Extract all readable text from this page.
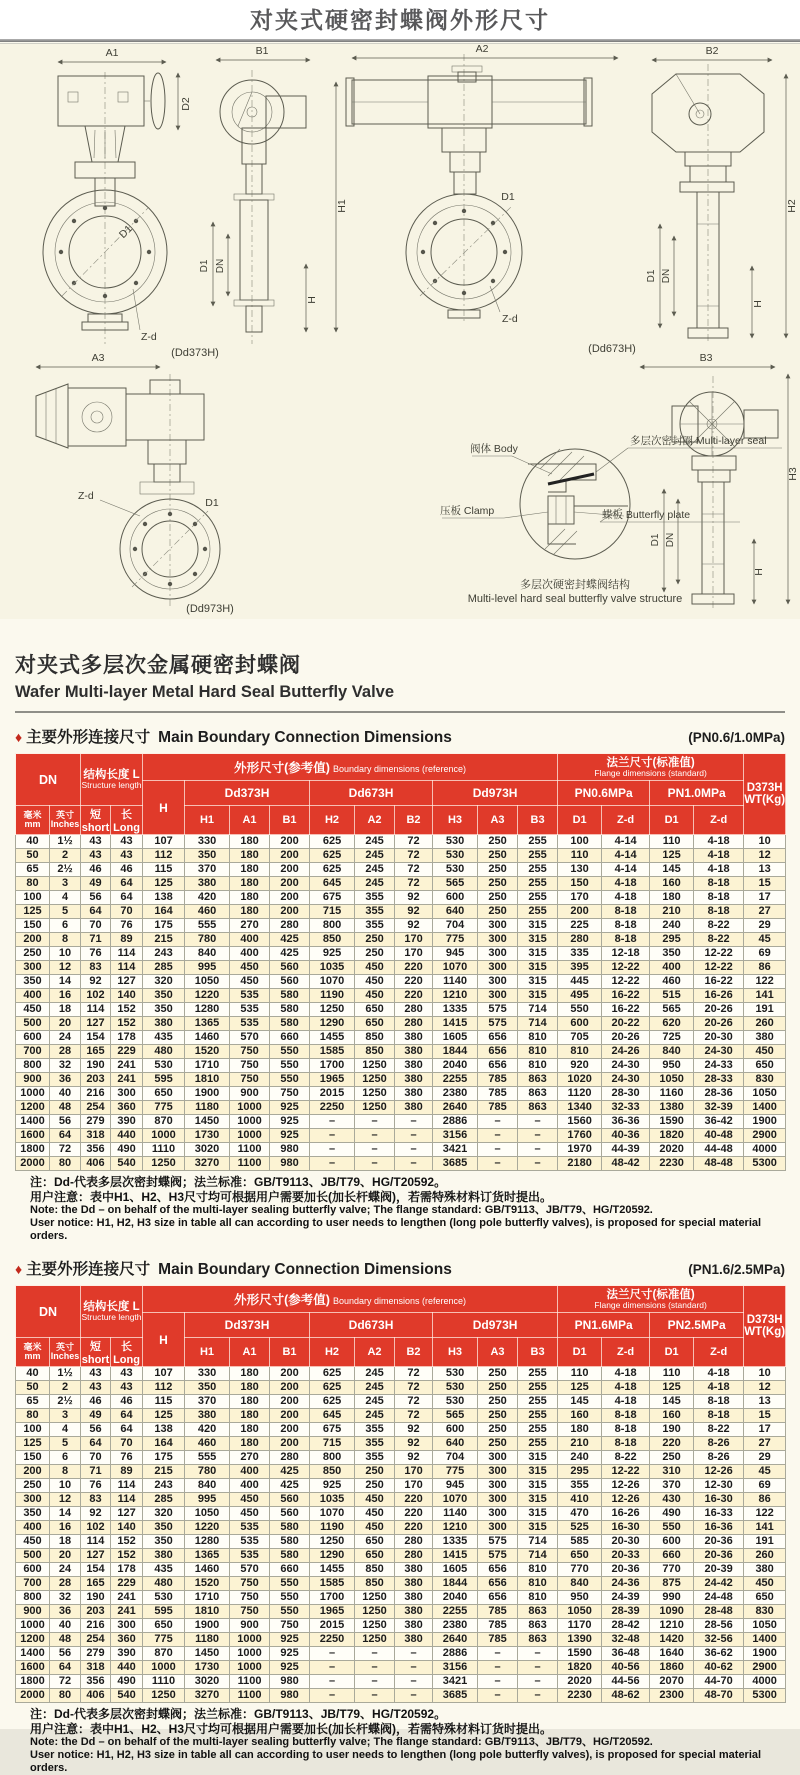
对夹式硬密封蝶阀外形尺寸
A1
D2
D1
Z-d
B1
H1
D1 DN
H
(Dd373H)
A2
D1
Z-d
B2
H2
D1 DN
H
(Dd673H)
A3
D1
Z-d
(Dd973H)
B3
H3
D1 DN
H
阀体 Body
多层次密封圈 Multi-layer seal
压板 Clamp	蝶板 Butterfly plate
多层次硬密封蝶阀结构
Multi-level hard seal butterfly valve structure
对夹式多层次金属硬密封蝶阀
Wafer Multi-layer Metal Hard Seal Butterfly Valve
♦ 主要外形连接尺寸 Main Boundary Connection Dimensions	(PN0.6/1.0MPa)
DN		结构长度 L
Structure length		外形尺寸(参考值) Boundary dimensions (reference)										法兰尺寸(标准值)
Flange dimensions (standard)				D373H
WT(Kg)

				H	Dd373H			Dd673H			Dd973H			PN0.6MPa		PN1.0MPa		

毫米
mm	英寸
Inches	短 short	长 Long		H1	A1	B1	H2	A2	B2	H3	A3	B3	D1	Z-d	D1	Z-d	
40	1½	43	43	107	330	180	200	625	245	72	530	250	255	100	4-14	110	4-18	10
50	2	43	43	112	350	180	200	625	245	72	530	250	255	110	4-14	125	4-18	12
65	2½	46	46	115	370	180	200	625	245	72	530	250	255	130	4-14	145	4-18	13
80	3	49	64	125	380	180	200	645	245	72	565	250	255	150	4-18	160	8-18	15
100	4	56	64	138	420	180	200	675	355	92	600	250	255	170	4-18	180	8-18	17
125	5	64	70	164	460	180	200	715	355	92	640	250	255	200	8-18	210	8-18	27
150	6	70	76	175	555	270	280	800	355	92	704	300	315	225	8-18	240	8-22	29
200	8	71	89	215	780	400	425	850	250	170	775	300	315	280	8-18	295	8-22	45
250	10	76	114	243	840	400	425	925	250	170	945	300	315	335	12-18	350	12-22	69
300	12	83	114	285	995	450	560	1035	450	220	1070	300	315	395	12-22	400	12-22	86
350	14	92	127	320	1050	450	560	1070	450	220	1140	300	315	445	12-22	460	16-22	122
400	16	102	140	350	1220	535	580	1190	450	220	1210	300	315	495	16-22	515	16-26	141
450	18	114	152	350	1280	535	580	1250	650	280	1335	575	714	550	16-22	565	20-26	191
500	20	127	152	380	1365	535	580	1290	650	280	1415	575	714	600	20-22	620	20-26	260
600	24	154	178	435	1460	570	660	1455	850	380	1605	656	810	705	20-26	725	20-30	380
700	28	165	229	480	1520	750	550	1585	850	380	1844	656	810	810	24-26	840	24-30	450
800	32	190	241	530	1710	750	550	1700	1250	380	2040	656	810	920	24-30	950	24-33	650
900	36	203	241	595	1810	750	550	1965	1250	380	2255	785	863	1020	24-30	1050	28-33	830
1000	40	216	300	650	1900	900	750	2015	1250	380	2380	785	863	1120	28-30	1160	28-36	1050
1200	48	254	360	775	1180	1000	925	2250	1250	380	2640	785	863	1340	32-33	1380	32-39	1400
1400	56	279	390	870	1450	1000	925	–	–	–	2886	–	–	1560	36-36	1590	36-42	1900
1600	64	318	440	1000	1730	1000	925	–	–	–	3156	–	–	1760	40-36	1820	40-48	2900
1800	72	356	490	1110	3020	1100	980	–	–	–	3421	–	–	1970	44-39	2020	44-48	4000
2000	80	406	540	1250	3270	1100	980	–	–	–	3685	–	–	2180	48-42	2230	48-48	5300
注：Dd-代表多层次密封蝶阀；法兰标准：GB/T9113、JB/T79、HG/T20592。
用户注意：表中H1、H2、H3尺寸均可根据用户需要加长(加长杆蝶阀)，若需特殊材料订货时提出。
Note: the Dd – on behalf of the multi-layer sealing butterfly valve; The flange standard: GB/T9113、JB/T79、HG/T20592.
User notice: H1, H2, H3 size in table all can according to user needs to lengthen (long pole butterfly valves), is proposed for special material orders.
♦ 主要外形连接尺寸 Main Boundary Connection Dimensions	(PN1.6/2.5MPa)
DN		结构长度 L
Structure length		外形尺寸(参考值) Boundary dimensions (reference)										法兰尺寸(标准值)
Flange dimensions (standard)				D373H
WT(Kg)

				H	Dd373H			Dd673H			Dd973H			PN1.6MPa		PN2.5MPa		

毫米
mm	英寸
Inches	短 short	长 Long		H1	A1	B1	H2	A2	B2	H3	A3	B3	D1	Z-d	D1	Z-d	
40	1½	43	43	107	330	180	200	625	245	72	530	250	255	110	4-18	110	4-18	10
50	2	43	43	112	350	180	200	625	245	72	530	250	255	125	4-18	125	4-18	12
65	2½	46	46	115	370	180	200	625	245	72	530	250	255	145	4-18	145	8-18	13
80	3	49	64	125	380	180	200	645	245	72	565	250	255	160	8-18	160	8-18	15
100	4	56	64	138	420	180	200	675	355	92	600	250	255	180	8-18	190	8-22	17
125	5	64	70	164	460	180	200	715	355	92	640	250	255	210	8-18	220	8-26	27
150	6	70	76	175	555	270	280	800	355	92	704	300	315	240	8-22	250	8-26	29
200	8	71	89	215	780	400	425	850	250	170	775	300	315	295	12-22	310	12-26	45
250	10	76	114	243	840	400	425	925	250	170	945	300	315	355	12-26	370	12-30	69
300	12	83	114	285	995	450	560	1035	450	220	1070	300	315	410	12-26	430	16-30	86
350	14	92	127	320	1050	450	560	1070	450	220	1140	300	315	470	16-26	490	16-33	122
400	16	102	140	350	1220	535	580	1190	450	220	1210	300	315	525	16-30	550	16-36	141
450	18	114	152	350	1280	535	580	1250	650	280	1335	575	714	585	20-30	600	20-36	191
500	20	127	152	380	1365	535	580	1290	650	280	1415	575	714	650	20-33	660	20-36	260
600	24	154	178	435	1460	570	660	1455	850	380	1605	656	810	770	20-36	770	20-39	380
700	28	165	229	480	1520	750	550	1585	850	380	1844	656	810	840	24-36	875	24-42	450
800	32	190	241	530	1710	750	550	1700	1250	380	2040	656	810	950	24-39	990	24-48	650
900	36	203	241	595	1810	750	550	1965	1250	380	2255	785	863	1050	28-39	1090	28-48	830
1000	40	216	300	650	1900	900	750	2015	1250	380	2380	785	863	1170	28-42	1210	28-56	1050
1200	48	254	360	775	1180	1000	925	2250	1250	380	2640	785	863	1390	32-48	1420	32-56	1400
1400	56	279	390	870	1450	1000	925	–	–	–	2886	–	–	1590	36-48	1640	36-62	1900
1600	64	318	440	1000	1730	1000	925	–	–	–	3156	–	–	1820	40-56	1860	40-62	2900
1800	72	356	490	1110	3020	1100	980	–	–	–	3421	–	–	2020	44-56	2070	44-70	4000
2000	80	406	540	1250	3270	1100	980	–	–	–	3685	–	–	2230	48-62	2300	48-70	5300
注：Dd-代表多层次密封蝶阀；法兰标准：GB/T9113、JB/T79、HG/T20592。
用户注意：表中H1、H2、H3尺寸均可根据用户需要加长(加长杆蝶阀)，若需特殊材料订货时提出。
Note: the Dd – on behalf of the multi-layer sealing butterfly valve; The flange standard: GB/T9113、JB/T79、HG/T20592.
User notice: H1, H2, H3 size in table all can according to user needs to lengthen (long pole butterfly valves), is proposed for special material orders.
